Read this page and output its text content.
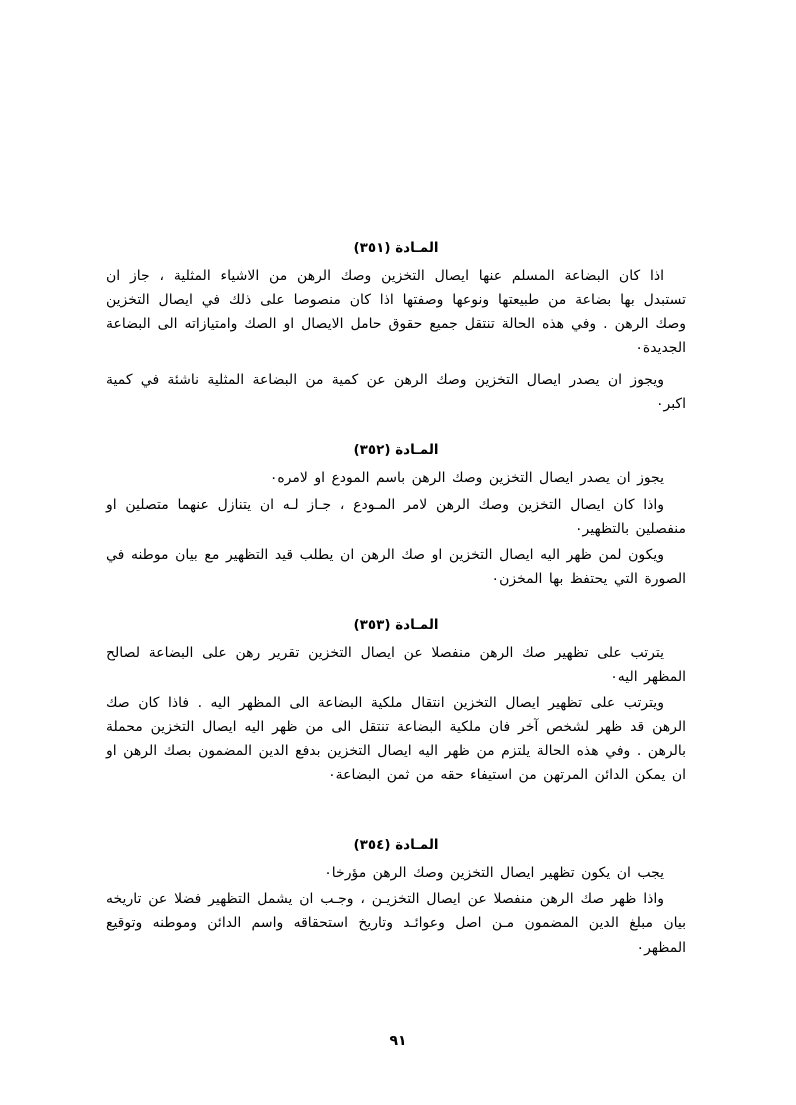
المـادة (٣٥١)

اذا كان البضاعة المسلم عنها ايصال التخزين وصك الرهن من الاشياء المثلية ، جاز ان تستبدل بها بضاعة من طبيعتها ونوعها وصفتها اذا كان منصوصا على ذلك في ايصال التخزين وصك الرهن . وفي هذه الحالة تنتقل جميع حقوق حامل الايصال او الصك وامتيازاته الى البضاعة الجديدة٠

ويجوز ان يصدر ايصال التخزين وصك الرهن عن كمية من البضاعة المثلية ناشئة في كمية اكبر٠

المـادة (٣٥٢)

يجوز ان يصدر ايصال التخزين وصك الرهن باسم المودع او لامره٠

واذا كان ايصال التخزين وصك الرهن لامر المـودع ، جـاز لـه ان يتنازل عنهما متصلين او منفصلين بالتظهير٠

ويكون لمن ظهر اليه ايصال التخزين او صك الرهن ان يطلب قيد التظهير مع بيان موطنه في الصورة التي يحتفظ بها المخزن٠

المـادة (٣٥٣)

يترتب على تظهير صك الرهن منفصلا عن ايصال التخزين تقرير رهن على البضاعة لصالح المظهر اليه٠

ويترتب على تظهير ايصال التخزين انتقال ملكية البضاعة الى المظهر اليه . فاذا كان صك الرهن قد ظهر لشخص آخر فان ملكية البضاعة تنتقل الى من ظهر اليه ايصال التخزين محملة بالرهن . وفي هذه الحالة يلتزم من ظهر اليه ايصال التخزين بدفع الدين المضمون بصك الرهن او ان يمكن الدائن المرتهن من استيفاء حقه من ثمن البضاعة٠

المـادة (٣٥٤)

يجب ان يكون تظهير ايصال التخزين وصك الرهن مؤرخا٠

واذا ظهر صك الرهن منفصلا عن ايصال التخزيـن ، وجـب ان يشمل التظهير فضلا عن تاريخه بيان مبلغ الدين المضمون مـن اصل وعوائـد وتاريخ استحقاقه واسم الدائن وموطنه وتوقيع المظهر٠

٩١
